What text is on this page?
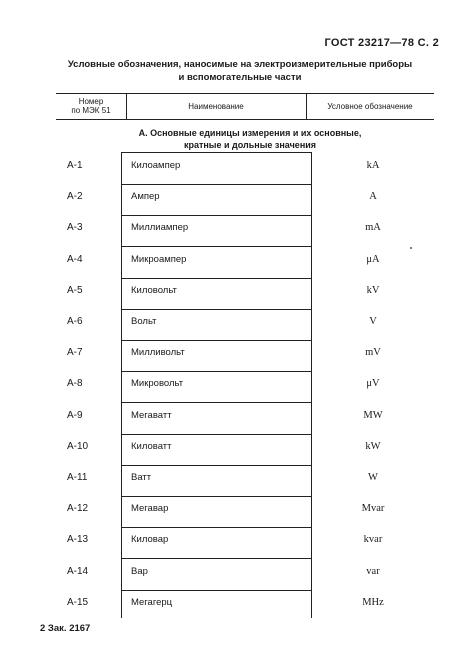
ГОСТ 23217—78 С. 2
Условные обозначения, наносимые на электроизмерительные приборы
и вспомогательные части
Номер
по МЭК 51	Наименование	Условное обозначение
А. Основные единицы измерения и их основные,
кратные и дольные значения
А-1	Килоампер	kA
А-2	Ампер	A
А-3	Миллиампер	mA
А-4	Микроампер	μA
А-5	Киловольт	kV
А-6	Вольт	V
А-7	Милливольт	mV
А-8	Микровольт	μV
А-9	Мегаватт	MW
А-10	Киловатт	kW
А-11	Ватт	W
А-12	Мегавар	Mvar
А-13	Киловар	kvar
А-14	Вар	var
А-15	Мегагерц	MHz
2 Зак. 2167
